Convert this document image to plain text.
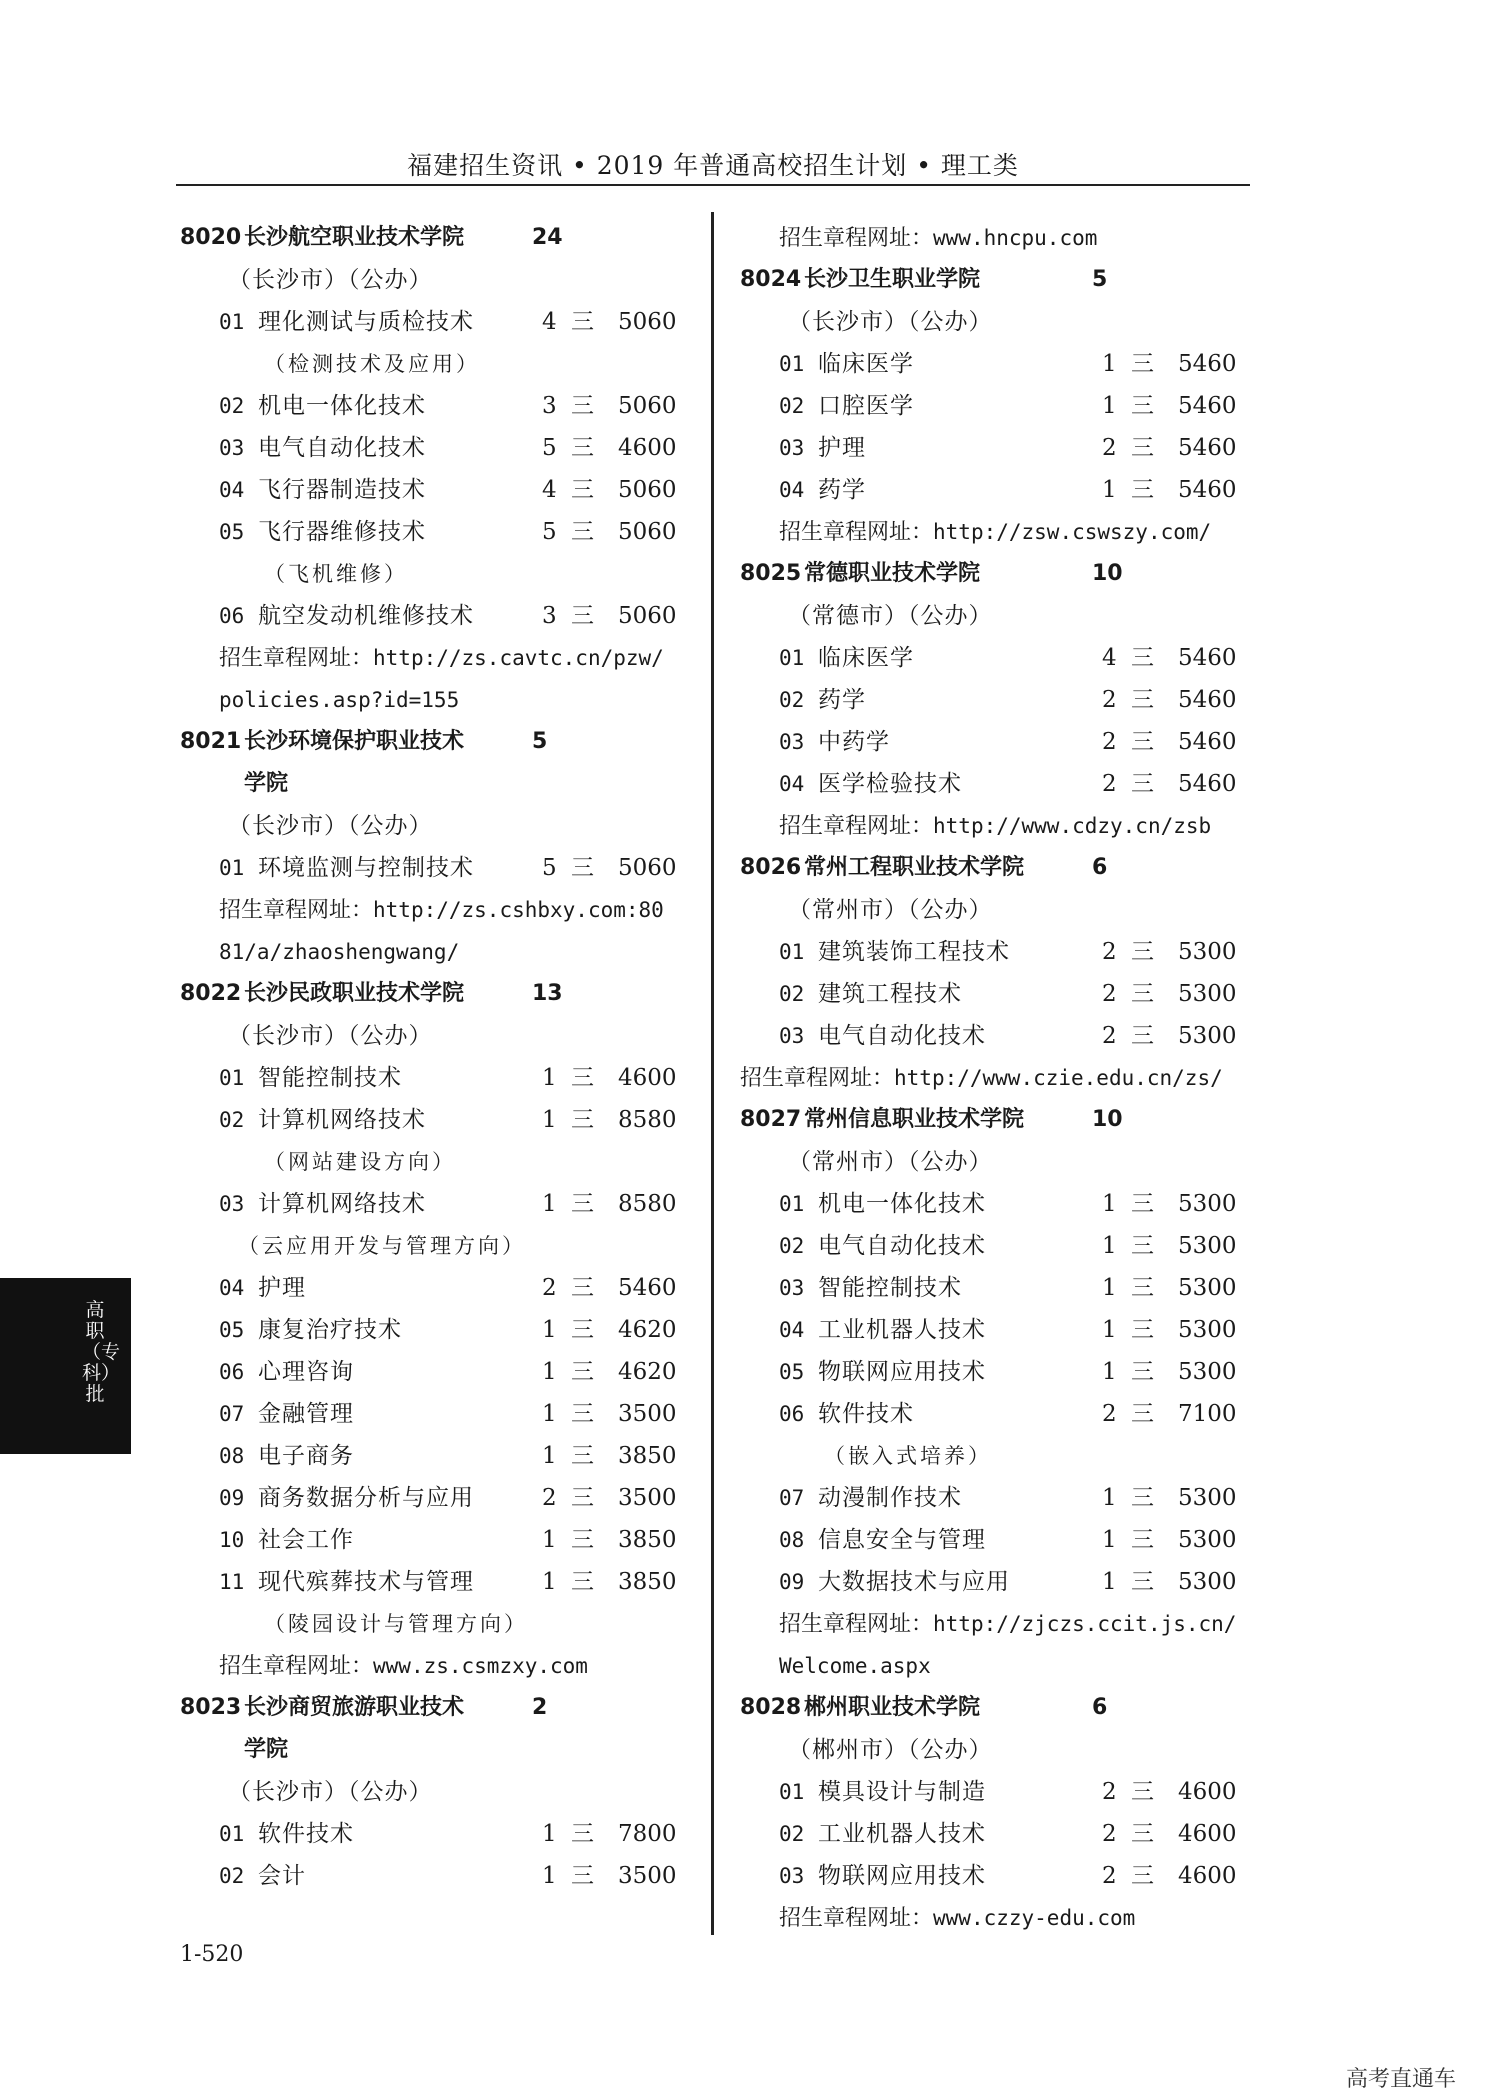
福建招生资讯 • 2019 年普通高校招生计划 • 理工类
8020 长沙航空职业技术学院	24
（长沙市）（公办）
01 理化测试与质检技术	4 三 5060
（检测技术及应用）
02 机电一体化技术	3 三 5060
03 电气自动化技术	5 三 4600
04 飞行器制造技术	4 三 5060
05 飞行器维修技术	5 三 5060
（飞机维修）
06 航空发动机维修技术	3 三 5060
招生章程网址：http://zs.cavtc.cn/pzw/
policies.asp?id=155
8021 长沙环境保护职业技术	5
学院
（长沙市）（公办）
01 环境监测与控制技术	5 三 5060
招生章程网址：http://zs.cshbxy.com:80
81/a/zhaoshengwang/
8022 长沙民政职业技术学院	13
（长沙市）（公办）
01 智能控制技术	1 三 4600
02 计算机网络技术	1 三 8580
（网站建设方向）
03 计算机网络技术	1 三 8580
（云应用开发与管理方向）
04 护理	2 三 5460
05 康复治疗技术	1 三 4620
06 心理咨询	1 三 4620
07 金融管理	1 三 3500
08 电子商务	1 三 3850
09 商务数据分析与应用	2 三 3500
10 社会工作	1 三 3850
11 现代殡葬技术与管理	1 三 3850
（陵园设计与管理方向）
招生章程网址：www.zs.csmzxy.com
8023 长沙商贸旅游职业技术	2
学院
（长沙市）（公办）
01 软件技术	1 三 7800
02 会计	1 三 3500
招生章程网址：www.hncpu.com
8024 长沙卫生职业学院	5
（长沙市）（公办）
01 临床医学	1 三 5460
02 口腔医学	1 三 5460
03 护理	2 三 5460
04 药学	1 三 5460
招生章程网址：http://zsw.cswszy.com/
8025 常德职业技术学院	10
（常德市）（公办）
01 临床医学	4 三 5460
02 药学	2 三 5460
03 中药学	2 三 5460
04 医学检验技术	2 三 5460
招生章程网址：http://www.cdzy.cn/zsb
8026 常州工程职业技术学院	6
（常州市）（公办）
01 建筑装饰工程技术	2 三 5300
02 建筑工程技术	2 三 5300
03 电气自动化技术	2 三 5300
招生章程网址：http://www.czie.edu.cn/zs/
8027 常州信息职业技术学院	10
（常州市）（公办）
01 机电一体化技术	1 三 5300
02 电气自动化技术	1 三 5300
03 智能控制技术	1 三 5300
04 工业机器人技术	1 三 5300
05 物联网应用技术	1 三 5300
06 软件技术	2 三 7100
（嵌入式培养）
07 动漫制作技术	1 三 5300
08 信息安全与管理	1 三 5300
09 大数据技术与应用	1 三 5300
招生章程网址：http://zjczs.ccit.js.cn/
Welcome.aspx
8028 郴州职业技术学院	6
（郴州市）（公办）
01 模具设计与制造	2 三 4600
02 工业机器人技术	2 三 4600
03 物联网应用技术	2 三 4600
招生章程网址：www.czzy-edu.com
高职（专科）批
1-520
高考直通车
